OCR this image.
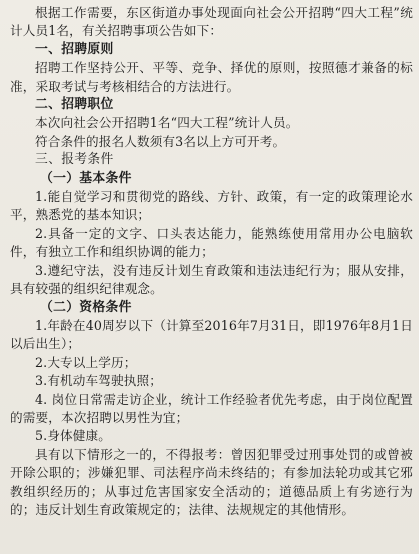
根据工作需要，东区街道办事处现面向社会公开招聘“四大工程”统计人员1名，有关招聘事项公告如下：

一、招聘原则

招聘工作坚持公开、平等、竞争、择优的原则，按照德才兼备的标准，采取考试与考核相结合的方法进行。

二、招聘职位

本次向社会公开招聘1名“四大工程”统计人员。

符合条件的报名人数须有3名以上方可开考。

三、报考条件

（一）基本条件

1.能自觉学习和贯彻党的路线、方针、政策，有一定的政策理论水平，熟悉党的基本知识；

2.具备一定的文字、口头表达能力，能熟练使用常用办公电脑软件，有独立工作和组织协调的能力；

3.遵纪守法，没有违反计划生育政策和违法违纪行为；服从安排，具有较强的组织纪律观念。

（二）资格条件

1.年龄在40周岁以下（计算至2016年7月31日，即1976年8月1日以后出生）；

2.大专以上学历；

3.有机动车驾驶执照；

4. 岗位日常需走访企业，统计工作经验者优先考虑，由于岗位配置的需要，本次招聘以男性为宜；

5.身体健康。

具有以下情形之一的，不得报考：曾因犯罪受过刑事处罚的或曾被开除公职的；涉嫌犯罪、司法程序尚未终结的；有参加法轮功或其它邪教组织经历的；从事过危害国家安全活动的；道德品质上有劣迹行为的；违反计划生育政策规定的；法律、法规规定的其他情形。
